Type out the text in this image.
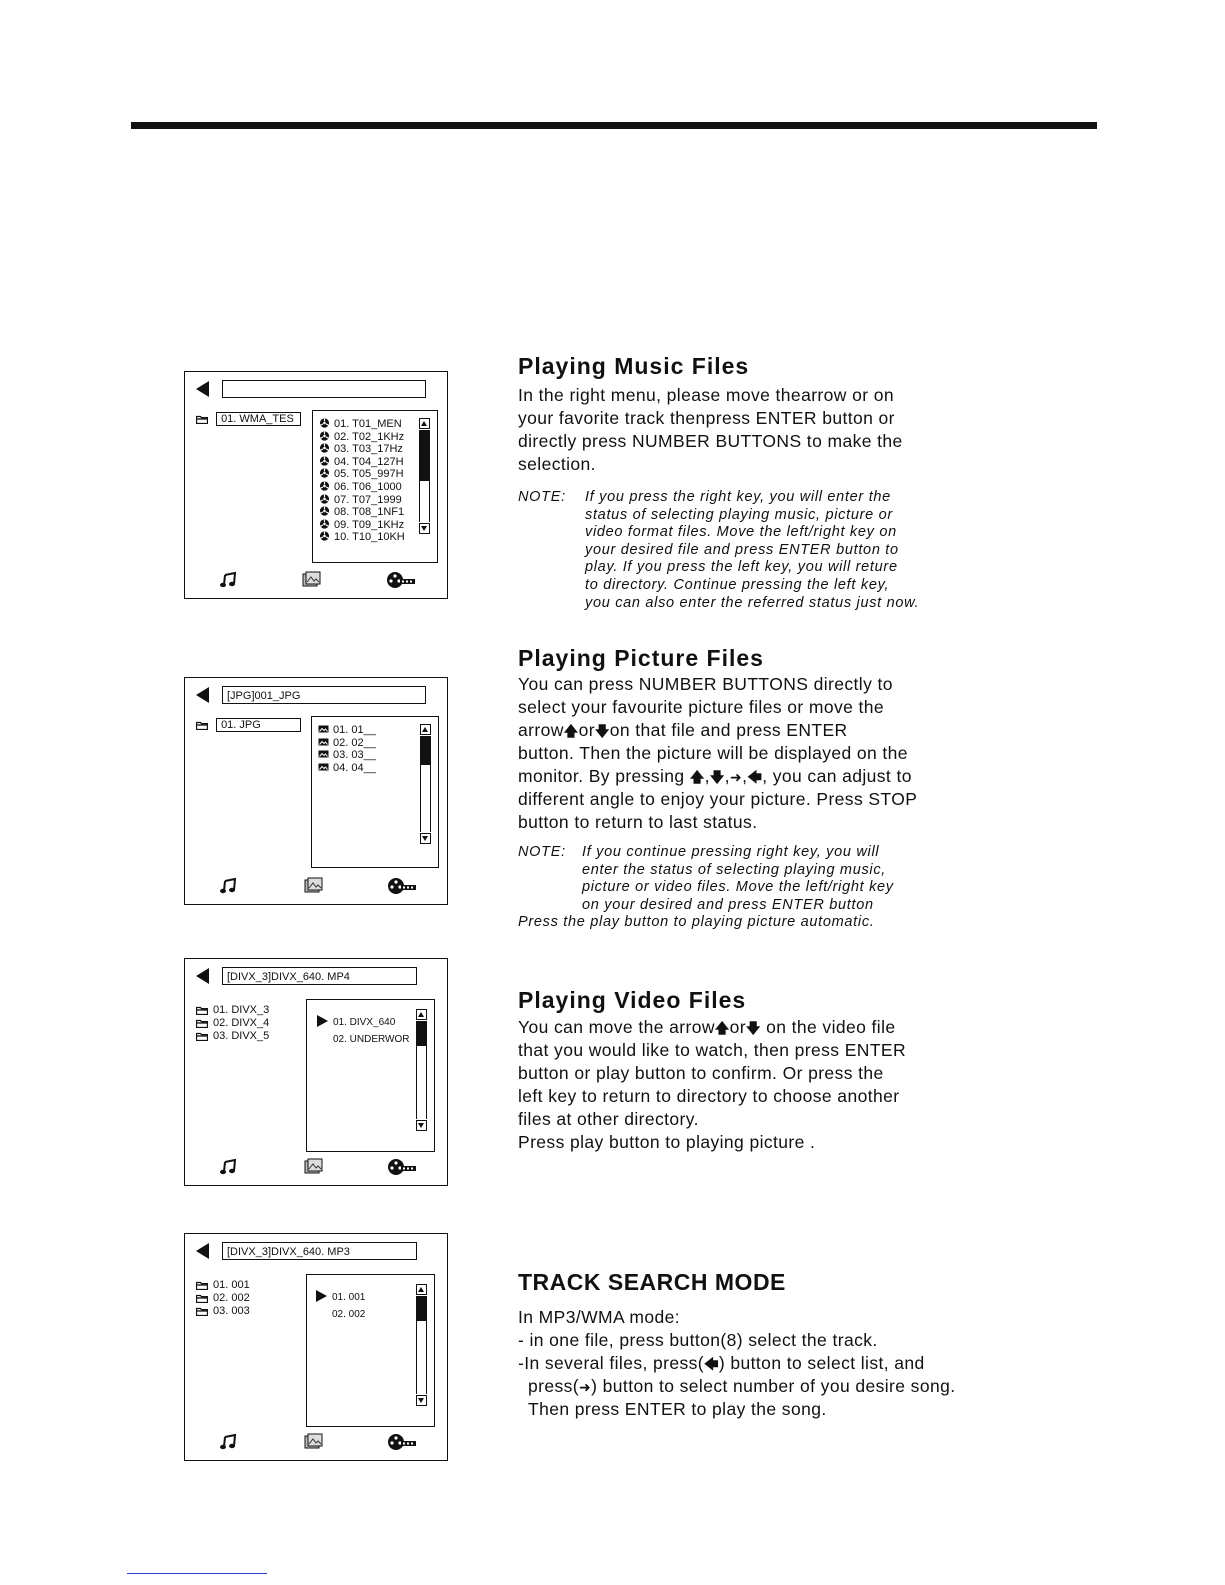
01. WMA_TES	01. T01_MEN
02. T02_1KHz
03. T03_17Hz
04. T04_127H
05. T05_997H
06. T06_1000
07. T07_1999
08. T08_1NF1
09. T09_1KHz
10. T10_10KH
[JPG]001_JPG
01. JPG	01. 01__
02. 02__
03. 03__
04. 04__
[DIVX_3]DIVX_640. MP4
01. DIVX_640
02. UNDERWOR
01. DIVX_3
02. DIVX_4
03. DIVX_5
[DIVX_3]DIVX_640. MP3
01. 001
02. 002
01. 001
02. 002
03. 003
Playing Music Files
In the right menu, please move thearrow or on
your favorite track thenpress ENTER button or
directly press NUMBER BUTTONS to make the
selection.
NOTE:	If you press the right key, you will enter the
status of selecting playing music, picture or
video format files. Move the left/right key on
your desired file and press ENTER button to
play. If you press the left key, you will reture
to directory. Continue pressing the left key,
you can also enter the referred status just now.
Playing Picture Files
You can press NUMBER BUTTONS directly to
select your favourite picture files or move the
arrow🡅or🡇on that file and press ENTER
button. Then the picture will be displayed on the
monitor. By pressing 🡅,🡇,➜,🡄, you can adjust to
different angle to enjoy your picture. Press STOP
button to return to last status.
NOTE:	If you continue pressing right key, you will
enter the status of selecting playing music,
picture or video files. Move the left/right key
on your desired and press ENTER button
Press the play button to playing picture automatic.
Playing Video Files
You can move the arrow🡅or🡇 on the video file
that you would like to watch, then press ENTER
button or play button to confirm. Or press the
left key to return to directory to choose another
files at other directory.
Press play button to playing picture .
TRACK SEARCH MODE
In MP3/WMA mode:
- in one file, press button(8) select the track.
-In several files, press(🡄) button to select list, and
press(➜) button to select number of you desire song.
Then press ENTER to play the song.
